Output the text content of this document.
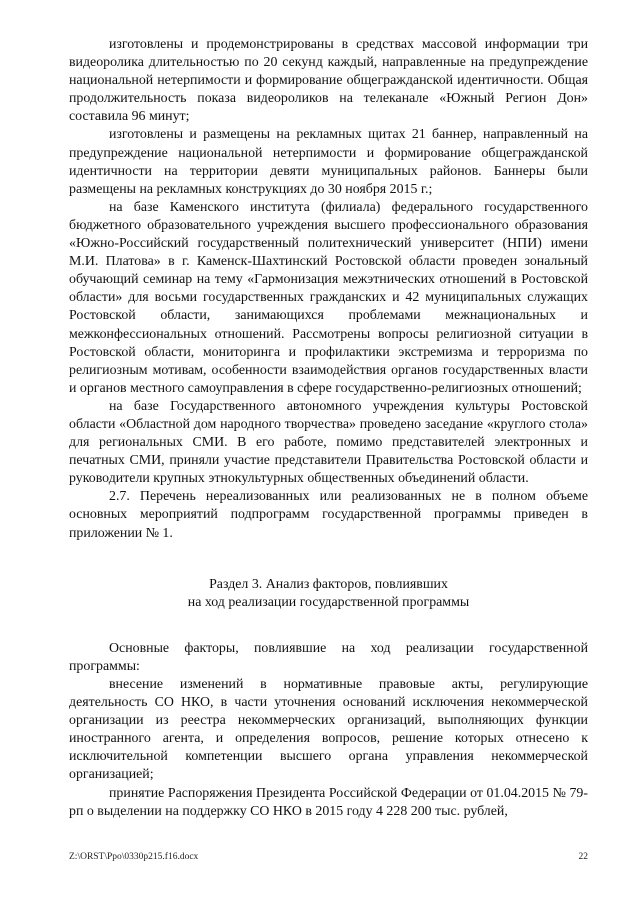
изготовлены и продемонстрированы в средствах массовой информации три видеоролика длительностью по 20 секунд каждый, направленные на предупреждение национальной нетерпимости и формирование общегражданской идентичности. Общая продолжительность показа видеороликов на телеканале «Южный Регион Дон» составила 96 минут;

изготовлены и размещены на рекламных щитах 21 баннер, направленный на предупреждение национальной нетерпимости и формирование общегражданской идентичности на территории девяти муниципальных районов. Баннеры были размещены на рекламных конструкциях до 30 ноября 2015 г.;

на базе Каменского института (филиала) федерального государственного бюджетного образовательного учреждения высшего профессионального образования «Южно-Российский государственный политехнический университет (НПИ) имени М.И. Платова» в г. Каменск-Шахтинский Ростовской области проведен зональный обучающий семинар на тему «Гармонизация межэтнических отношений в Ростовской области» для восьми государственных гражданских и 42 муниципальных служащих Ростовской области, занимающихся проблемами межнациональных и межконфессиональных отношений. Рассмотрены вопросы религиозной ситуации в Ростовской области, мониторинга и профилактики экстремизма и терроризма по религиозным мотивам, особенности взаимодействия органов государственных власти и органов местного самоуправления в сфере государственно-религиозных отношений;

на базе Государственного автономного учреждения культуры Ростовской области «Областной дом народного творчества» проведено заседание «круглого стола» для региональных СМИ. В его работе, помимо представителей электронных и печатных СМИ, приняли участие представители Правительства Ростовской области и руководители крупных этнокультурных общественных объединений области.

2.7. Перечень нереализованных или реализованных не в полном объеме основных мероприятий подпрограмм государственной программы приведен в приложении № 1.

Раздел 3. Анализ факторов, повлиявших
на ход реализации государственной программы

Основные факторы, повлиявшие на ход реализации государственной программы:

внесение изменений в нормативные правовые акты, регулирующие деятельность СО НКО, в части уточнения оснований исключения некоммерческой организации из реестра некоммерческих организаций, выполняющих функции иностранного агента, и определения вопросов, решение которых отнесено к исключительной компетенции высшего органа управления некоммерческой организацией;

принятие Распоряжения Президента Российской Федерации от 01.04.2015 № 79-рп о выделении на поддержку СО НКО в 2015 году 4 228 200 тыс. рублей,

Z:\ORST\Ppo\0330p215.f16.docx	22
